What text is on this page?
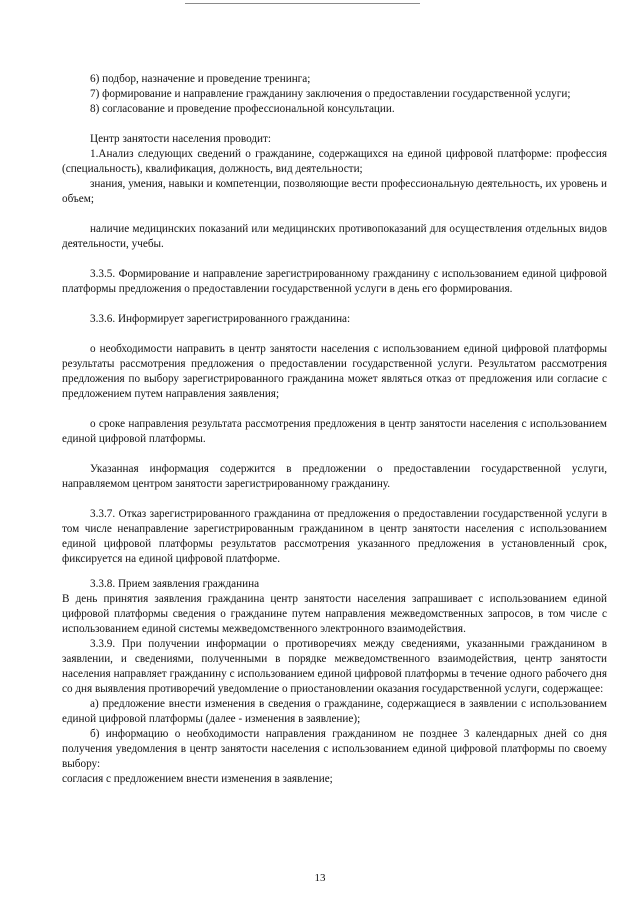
6) подбор, назначение и проведение тренинга;

7) формирование и направление гражданину заключения о предоставлении государственной услуги;

8) согласование и проведение профессиональной консультации.

Центр занятости населения проводит:

1.Анализ следующих сведений о гражданине, содержащихся на единой цифровой платформе: профессия (специальность), квалификация, должность, вид деятельности;

знания, умения, навыки и компетенции, позволяющие вести профессиональную деятельность, их уровень и объем;

наличие медицинских показаний или медицинских противопоказаний для осуществления отдельных видов деятельности, учебы.

3.3.5. Формирование и направление зарегистрированному гражданину с использованием единой цифровой платформы предложения о предоставлении государственной услуги в день его формирования.

3.3.6. Информирует зарегистрированного гражданина:

о необходимости направить в центр занятости населения с использованием единой цифровой платформы результаты рассмотрения предложения о предоставлении государственной услуги. Результатом рассмотрения предложения по выбору зарегистрированного гражданина может являться отказ от предложения или согласие с предложением путем направления заявления;

о сроке направления результата рассмотрения предложения в центр занятости населения с использованием единой цифровой платформы.

Указанная информация содержится в предложении о предоставлении государственной услуги, направляемом центром занятости зарегистрированному гражданину.

3.3.7. Отказ зарегистрированного гражданина от предложения о предоставлении государственной услуги в том числе ненаправление зарегистрированным гражданином в центр занятости населения с использованием единой цифровой платформы результатов рассмотрения указанного предложения в установленный срок, фиксируется на единой цифровой платформе.

3.3.8. Прием заявления гражданина

В день принятия заявления гражданина центр занятости населения запрашивает с использованием единой цифровой платформы сведения о гражданине путем направления межведомственных запросов, в том числе с использованием единой системы межведомственного электронного взаимодействия.

3.3.9. При получении информации о противоречиях между сведениями, указанными гражданином в заявлении, и сведениями, полученными в порядке межведомственного взаимодействия, центр занятости населения направляет гражданину с использованием единой цифровой платформы в течение одного рабочего дня со дня выявления противоречий уведомление о приостановлении оказания государственной услуги, содержащее:

а) предложение внести изменения в сведения о гражданине, содержащиеся в заявлении с использованием единой цифровой платформы (далее - изменения в заявление);

б) информацию о необходимости направления гражданином не позднее 3 календарных дней со дня получения уведомления в центр занятости населения с использованием единой цифровой платформы по своему выбору:

согласия с предложением внести изменения в заявление;

13
